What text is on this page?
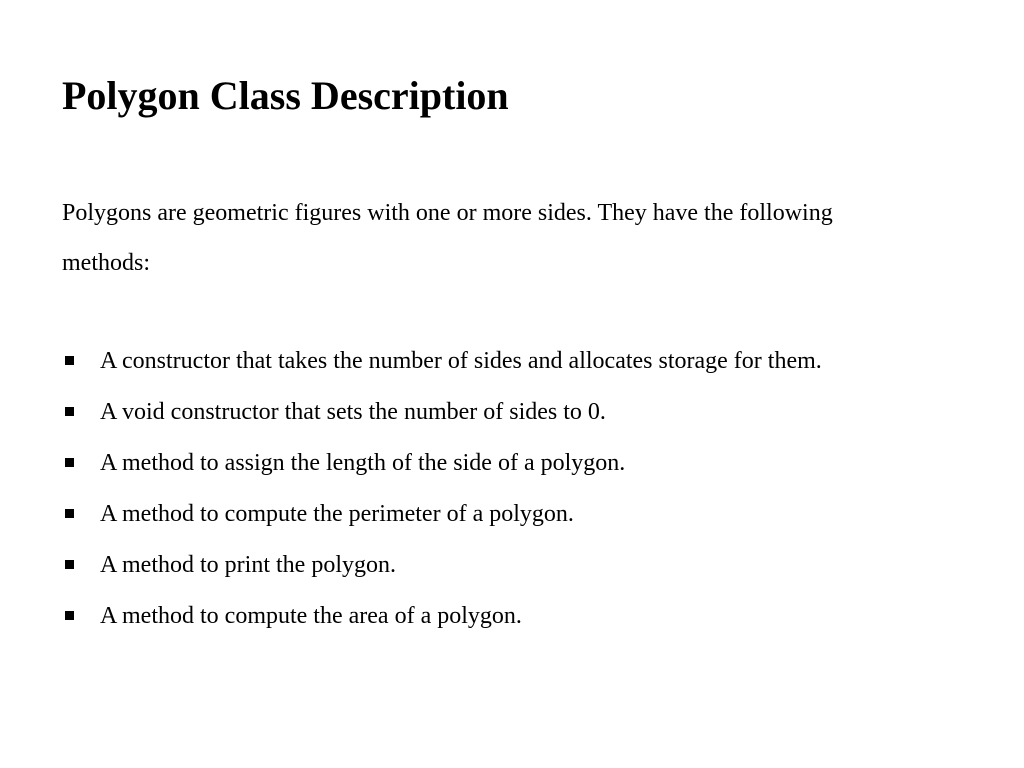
Polygon Class Description

Polygons are geometric figures with one or more sides. They have the following methods:

A constructor that takes the number of sides and allocates storage for them.
A void constructor that sets the number of sides to 0.
A method to assign the length of the side of a polygon.
A method to compute the perimeter of a polygon.
A method to print the polygon.
A method to compute the area of a polygon.
